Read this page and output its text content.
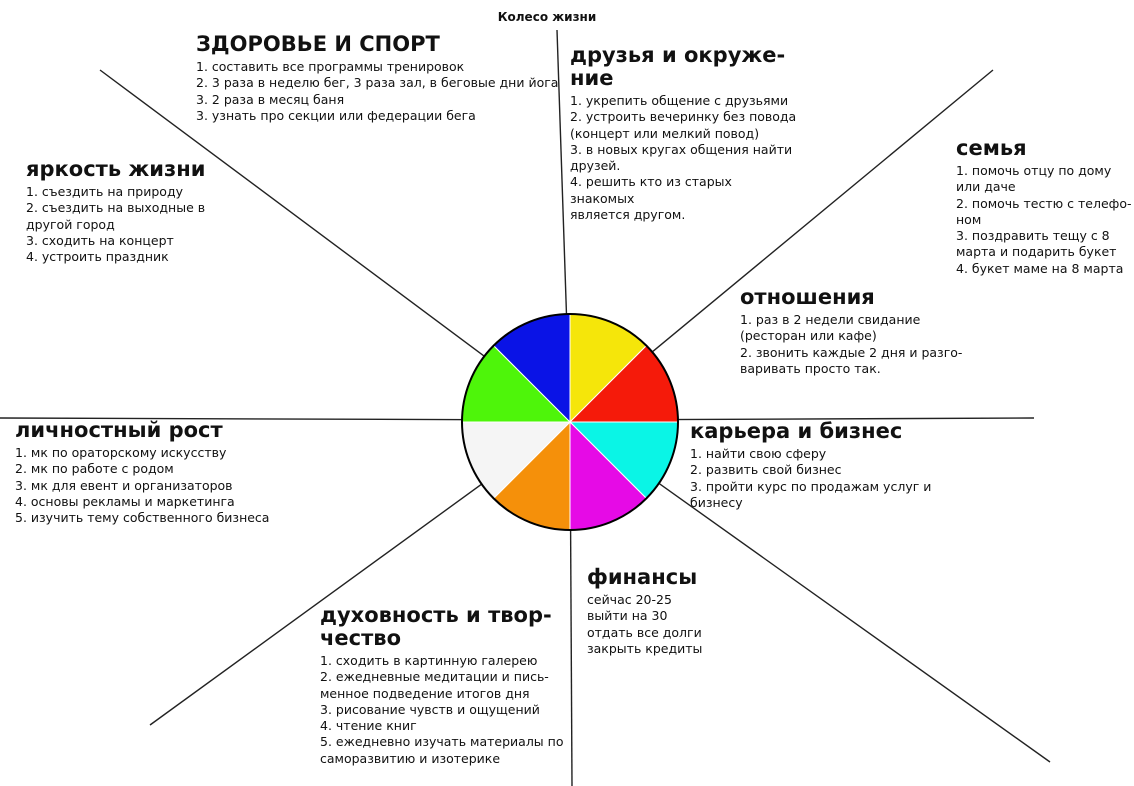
Колесо жизни
ЗДОРОВЬЕ И СПОРТ
1. составить все программы тренировок
2. 3 раза в неделю бег, 3 раза зал, в беговые дни йога
3. 2 раза в месяц баня
3. узнать про секции или федерации бега
друзья и окруже-
ние
1. укрепить общение с друзьями
2. устроить вечеринку без повода
(концерт или мелкий повод)
3. в новых кругах общения найти
друзей.
4. решить кто из старых знакомых
является другом.
семья
1. помочь отцу по дому
или даче
2. помочь тестю с телефо-
ном
3. поздравить тещу с 8
марта и подарить букет
4. букет маме на 8 марта
отношения
1. раз в 2 недели свидание
(ресторан или кафе)
2. звонить каждые 2 дня и разго-
варивать просто так.
карьера и бизнес
1. найти свою сферу
2. развить свой бизнес
3. пройти курс по продажам услуг и
бизнесу
финансы
сейчас 20-25
выйти на 30
отдать все долги
закрыть кредиты
духовность и твор-
чество
1. сходить в картинную галерею
2. ежедневные медитации и пись-
менное подведение итогов дня
3. рисование чувств и ощущений
4. чтение книг
5. ежедневно изучать материалы по
саморазвитию и изотерике
личностный рост
1. мк по ораторскому искусству
2. мк по работе с родом
3. мк для евент и организаторов
4. основы рекламы и маркетинга
5. изучить тему собственного бизнеса
яркость жизни
1. съездить на природу
2. съездить на выходные в
другой город
3. сходить на концерт
4. устроить праздник
